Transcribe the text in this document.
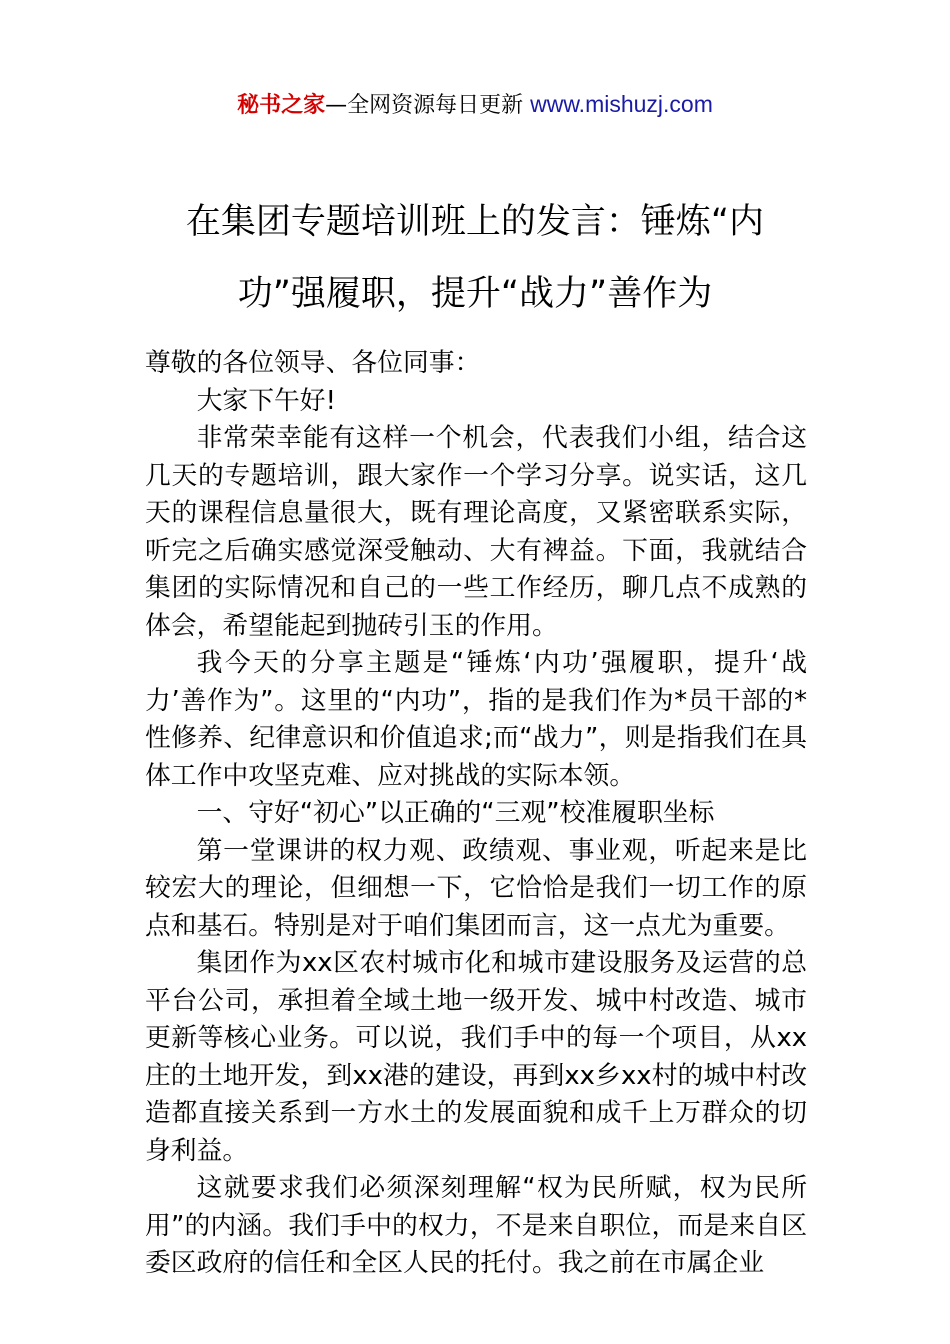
秘书之家—全网资源每日更新 www.mishuzj.com
在集团专题培训班上的发言：锤炼“内功”强履职，提升“战力”善作为

尊敬的各位领导、各位同事：

大家下午好!

非常荣幸能有这样一个机会，代表我们小组，结合这几天的专题培训，跟大家作一个学习分享。说实话，这几天的课程信息量很大，既有理论高度，又紧密联系实际，听完之后确实感觉深受触动、大有裨益。下面，我就结合集团的实际情况和自己的一些工作经历，聊几点不成熟的体会，希望能起到抛砖引玉的作用。

我今天的分享主题是“锤炼‘内功’强履职，提升‘战力’善作为”。这里的“内功”，指的是我们作为*员干部的*性修养、纪律意识和价值追求;而“战力”，则是指我们在具体工作中攻坚克难、应对挑战的实际本领。

一、守好“初心”以正确的“三观”校准履职坐标

第一堂课讲的权力观、政绩观、事业观，听起来是比较宏大的理论，但细想一下，它恰恰是我们一切工作的原点和基石。特别是对于咱们集团而言，这一点尤为重要。

集团作为xx区农村城市化和城市建设服务及运营的总平台公司，承担着全域土地一级开发、城中村改造、城市更新等核心业务。可以说，我们手中的每一个项目，从xx庄的土地开发，到xx港的建设，再到xx乡xx村的城中村改造都直接关系到一方水土的发展面貌和成千上万群众的切身利益。

这就要求我们必须深刻理解“权为民所赋，权为民所用”的内涵。我们手中的权力，不是来自职位，而是来自区委区政府的信任和全区人民的托付。我之前在市属企业
